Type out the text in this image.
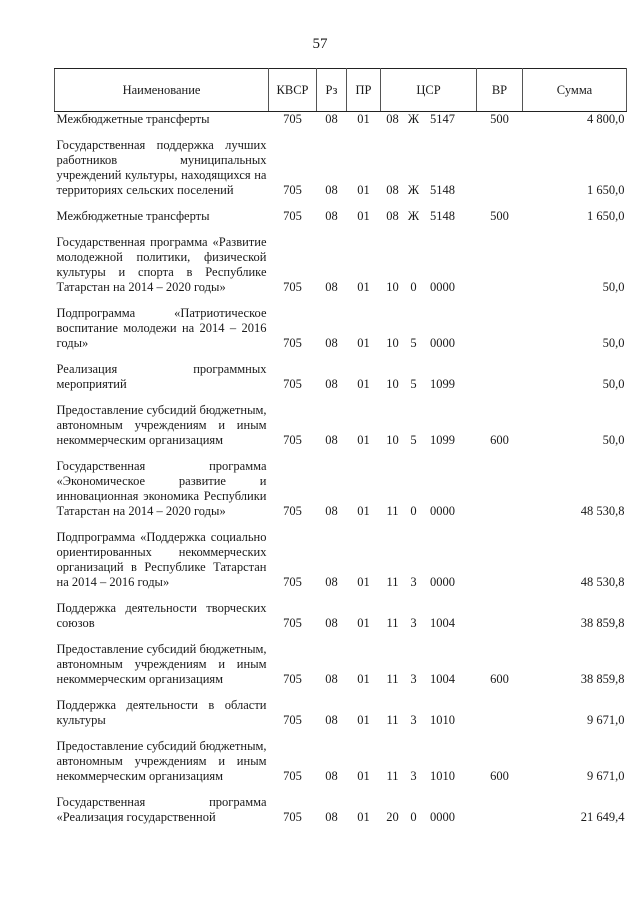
57
Наименование	КВСР	Рз	ПР	ЦСР	ВР	Сумма
Межбюджетные трансферты	705	08	01	08 Ж 5147	500	4 800,0
Государственная поддержка лучших работников муниципальных учреждений культуры, находящихся на территориях сельских поселений	705	08	01	08 Ж 5148		1 650,0
Межбюджетные трансферты	705	08	01	08 Ж 5148	500	1 650,0
Государственная программа «Развитие молодежной политики, физической культуры и спорта в Республике Татарстан на 2014 – 2020 годы»	705	08	01	10 0 0000		50,0
Подпрограмма «Патриотическое воспитание молодежи на 2014 – 2016 годы»	705	08	01	10 5 0000		50,0
Реализация программных мероприятий	705	08	01	10 5 1099		50,0
Предоставление субсидий бюджетным, автономным учреждениям и иным некоммерческим организациям	705	08	01	10 5 1099	600	50,0
Государственная программа «Экономическое развитие и инновационная экономика Республики Татарстан на 2014 – 2020 годы»	705	08	01	11 0 0000		48 530,8
Подпрограмма «Поддержка социально ориентированных некоммерческих организаций в Республике Татарстан на 2014 – 2016 годы»	705	08	01	11 3 0000		48 530,8
Поддержка деятельности творческих союзов	705	08	01	11 3 1004		38 859,8
Предоставление субсидий бюджетным, автономным учреждениям и иным некоммерческим организациям	705	08	01	11 3 1004	600	38 859,8
Поддержка деятельности в области культуры	705	08	01	11 3 1010		9 671,0
Предоставление субсидий бюджетным, автономным учреждениям и иным некоммерческим организациям	705	08	01	11 3 1010	600	9 671,0
Государственная программа «Реализация государственной	705	08	01	20 0 0000		21 649,4
